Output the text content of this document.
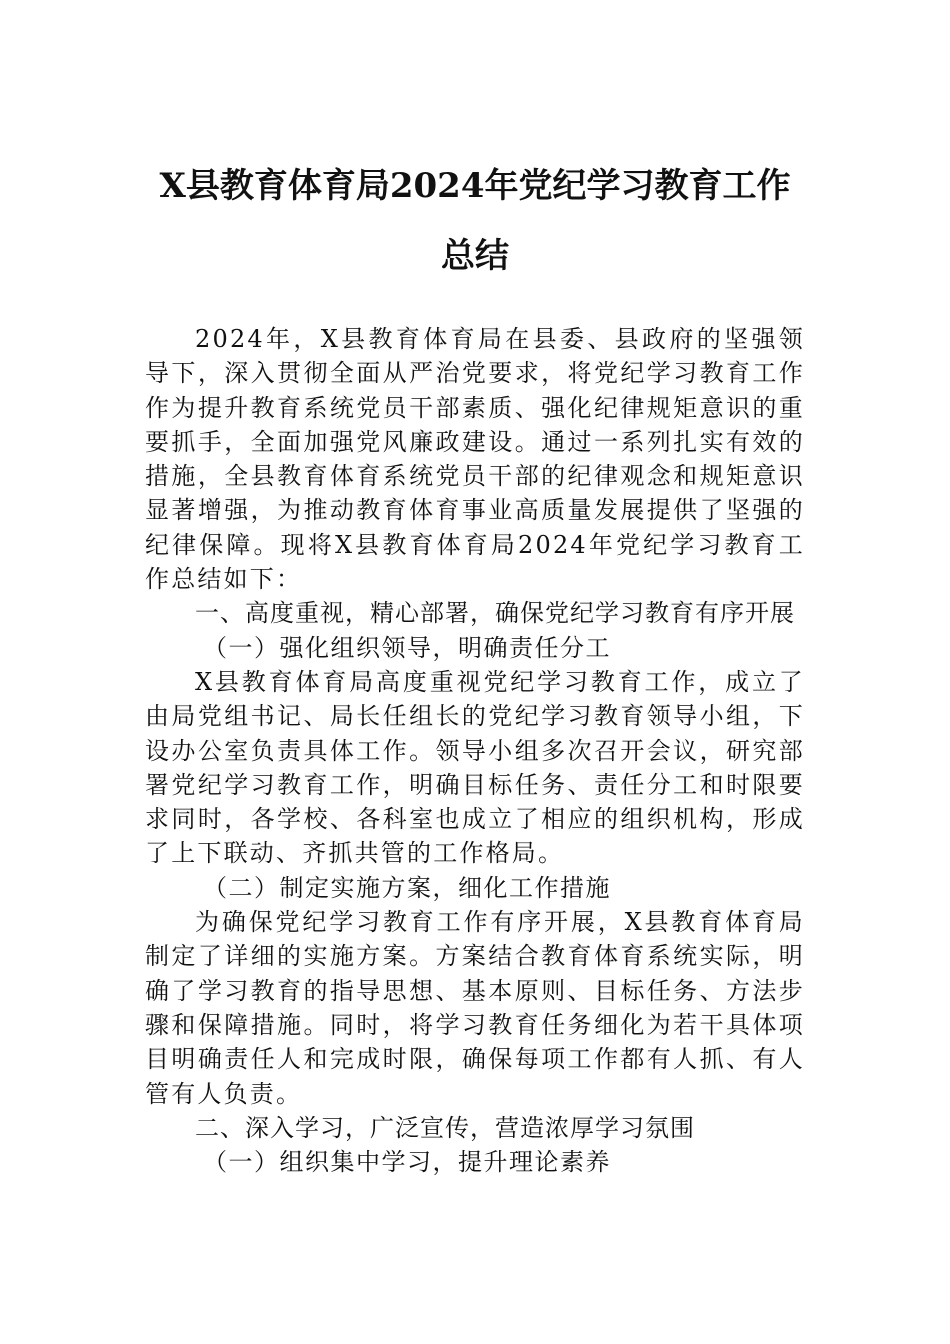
X县教育体育局2024年党纪学习教育工作
总结

2024年，X县教育体育局在县委、县政府的坚强领导下，深入贯彻全面从严治党要求，将党纪学习教育工作作为提升教育系统党员干部素质、强化纪律规矩意识的重要抓手，全面加强党风廉政建设。通过一系列扎实有效的措施，全县教育体育系统党员干部的纪律观念和规矩意识显著增强，为推动教育体育事业高质量发展提供了坚强的纪律保障。现将X县教育体育局2024年党纪学习教育工作总结如下：

一、高度重视，精心部署，确保党纪学习教育有序开展

（一）强化组织领导，明确责任分工

X县教育体育局高度重视党纪学习教育工作，成立了由局党组书记、局长任组长的党纪学习教育领导小组，下设办公室负责具体工作。领导小组多次召开会议，研究部署党纪学习教育工作，明确目标任务、责任分工和时限要求同时，各学校、各科室也成立了相应的组织机构，形成了上下联动、齐抓共管的工作格局。

（二）制定实施方案，细化工作措施

为确保党纪学习教育工作有序开展，X县教育体育局制定了详细的实施方案。方案结合教育体育系统实际，明确了学习教育的指导思想、基本原则、目标任务、方法步骤和保障措施。同时，将学习教育任务细化为若干具体项目明确责任人和完成时限，确保每项工作都有人抓、有人管有人负责。

二、深入学习，广泛宣传，营造浓厚学习氛围

（一）组织集中学习，提升理论素养
